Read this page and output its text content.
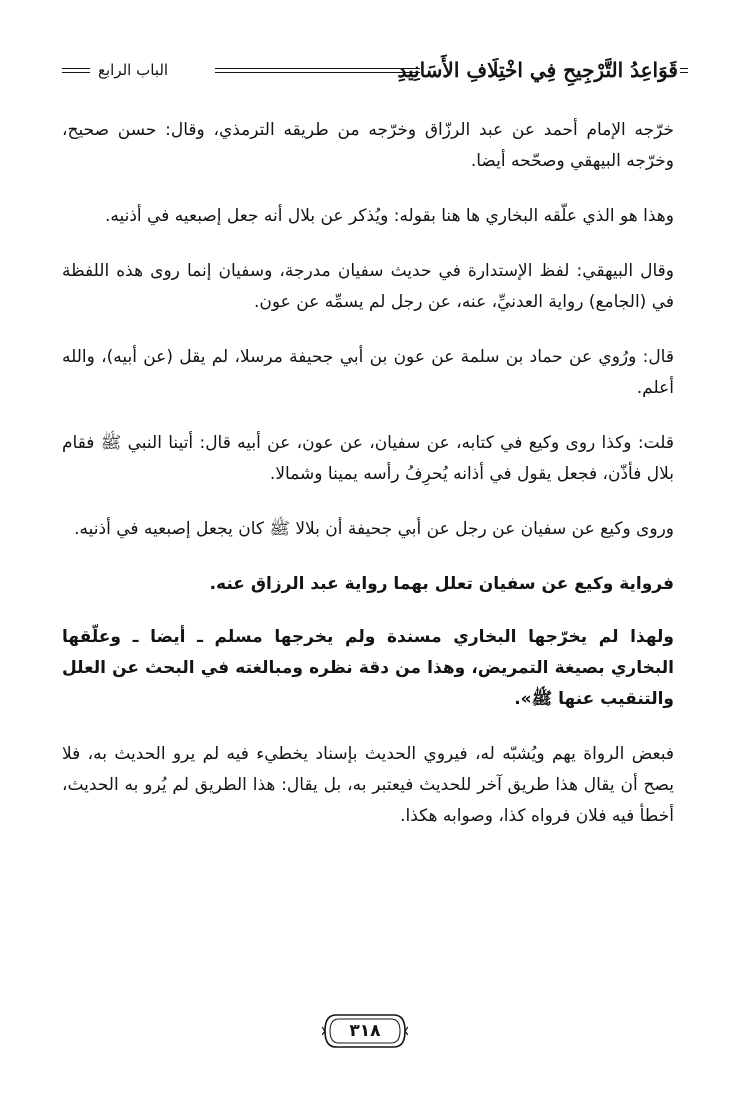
قَوَاعِدُ التَّرْجِيحِ فِي اخْتِلَافِ الأَسَانِيدِ
الباب الرابع

خرّجه الإمام أحمد عن عبد الرزّاق وخرّجه من طريقه الترمذي، وقال: حسن صحيح، وخرّجه البيهقي وصحّحه أيضا.

وهذا هو الذي علّقه البخاري ها هنا بقوله: ويُذكر عن بلال أنه جعل إصبعيه في أذنيه.

وقال البيهقي: لفظ الإستدارة في حديث سفيان مدرجة، وسفيان إنما روى هذه اللفظة في (الجامع) رواية العدنيِّ، عنه، عن رجل لم يسمِّه عن عون.

قال: ورُوي عن حماد بن سلمة عن عون بن أبي جحيفة مرسلا، لم يقل (عن أبيه)، والله أعلم.

قلت: وكذا روى وكيع في كتابه، عن سفيان، عن عون، عن أبيه قال: أتينا النبي ﷺ فقام بلال فأذّن، فجعل يقول في أذانه يُحرِفُ رأسه يمينا وشمالا.

وروى وكيع عن سفيان عن رجل عن أبي جحيفة أن بلالا ﷺ كان يجعل إصبعيه في أذنيه.

فرواية وكيع عن سفيان تعلل بهما رواية عبد الرزاق عنه.

ولهذا لم يخرّجها البخاري مسندة ولم يخرجها مسلم ـ أيضا ـ وعلّقها البخاري بصيغة التمريض، وهذا من دقة نظره ومبالغته في البحث عن العلل والتنقيب عنها ﷺ».

فبعض الرواة يهم ويُشبّه له، فيروي الحديث بإسناد يخطيء فيه لم يرو الحديث به، فلا يصح أن يقال هذا طريق آخر للحديث فيعتبر به، بل يقال: هذا الطريق لم يُرو به الحديث، أخطأ فيه فلان فرواه كذا، وصوابه هكذا.

٣١٨
